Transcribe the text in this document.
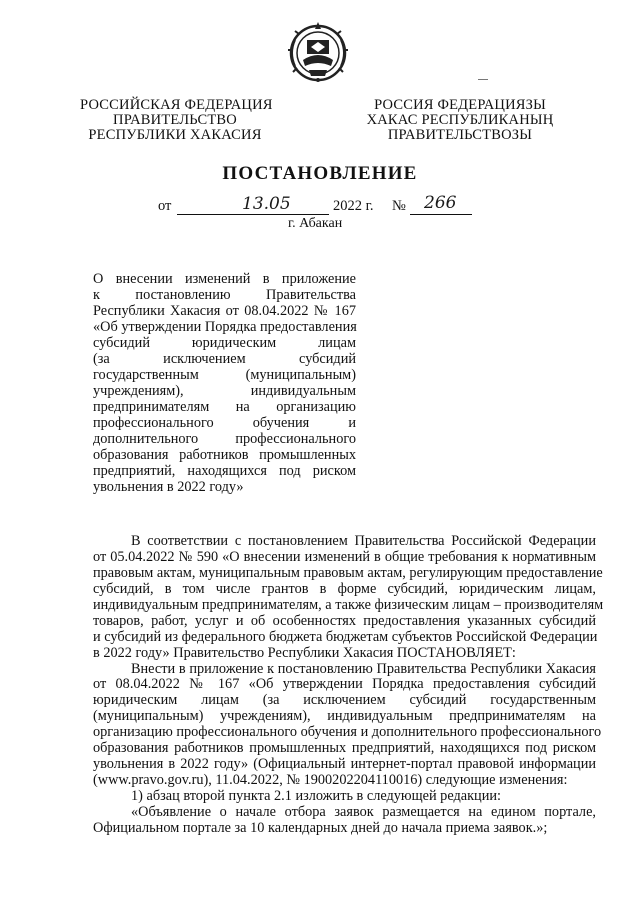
РОССИЙСКАЯ ФЕДЕРАЦИЯ
ПРАВИТЕЛЬСТВО
РЕСПУБЛИКИ ХАКАСИЯ
РОССИЯ ФЕДЕРАЦИЯЗЫ
ХАКАС РЕСПУБЛИКАНЫҢ
ПРАВИТЕЛЬСТВОЗЫ
ПОСТАНОВЛЕНИЕ
от	13.05	2022 г. № 266
г. Абакан
О внесении изменений в приложение
к постановлению Правительства
Республики Хакасия от 08.04.2022 № 167
«Об утверждении Порядка предоставления
субсидий юридическим лицам
(за исключением субсидий
государственным (муниципальным)
учреждениям), индивидуальным
предпринимателям на организацию
профессионального обучения и
дополнительного профессионального
образования работников промышленных
предприятий, находящихся под риском
увольнения в 2022 году»
В соответствии с постановлением Правительства Российской Федерации
от 05.04.2022 № 590 «О внесении изменений в общие требования к нормативным
правовым актам, муниципальным правовым актам, регулирующим предоставление
субсидий, в том числе грантов в форме субсидий, юридическим лицам,
индивидуальным предпринимателям, а также физическим лицам – производителям
товаров, работ, услуг и об особенностях предоставления указанных субсидий
и субсидий из федерального бюджета бюджетам субъектов Российской Федерации
в 2022 году» Правительство Республики Хакасия ПОСТАНОВЛЯЕТ:
Внести в приложение к постановлению Правительства Республики Хакасия
от 08.04.2022 № 167 «Об утверждении Порядка предоставления субсидий
юридическим лицам (за исключением субсидий государственным
(муниципальным) учреждениям), индивидуальным предпринимателям на
организацию профессионального обучения и дополнительного профессионального
образования работников промышленных предприятий, находящихся под риском
увольнения в 2022 году» (Официальный интернет-портал правовой информации
(www.pravo.gov.ru), 11.04.2022, № 1900202204110016) следующие изменения:
1) абзац второй пункта 2.1 изложить в следующей редакции:
«Объявление о начале отбора заявок размещается на едином портале,
Официальном портале за 10 календарных дней до начала приема заявок.»;
